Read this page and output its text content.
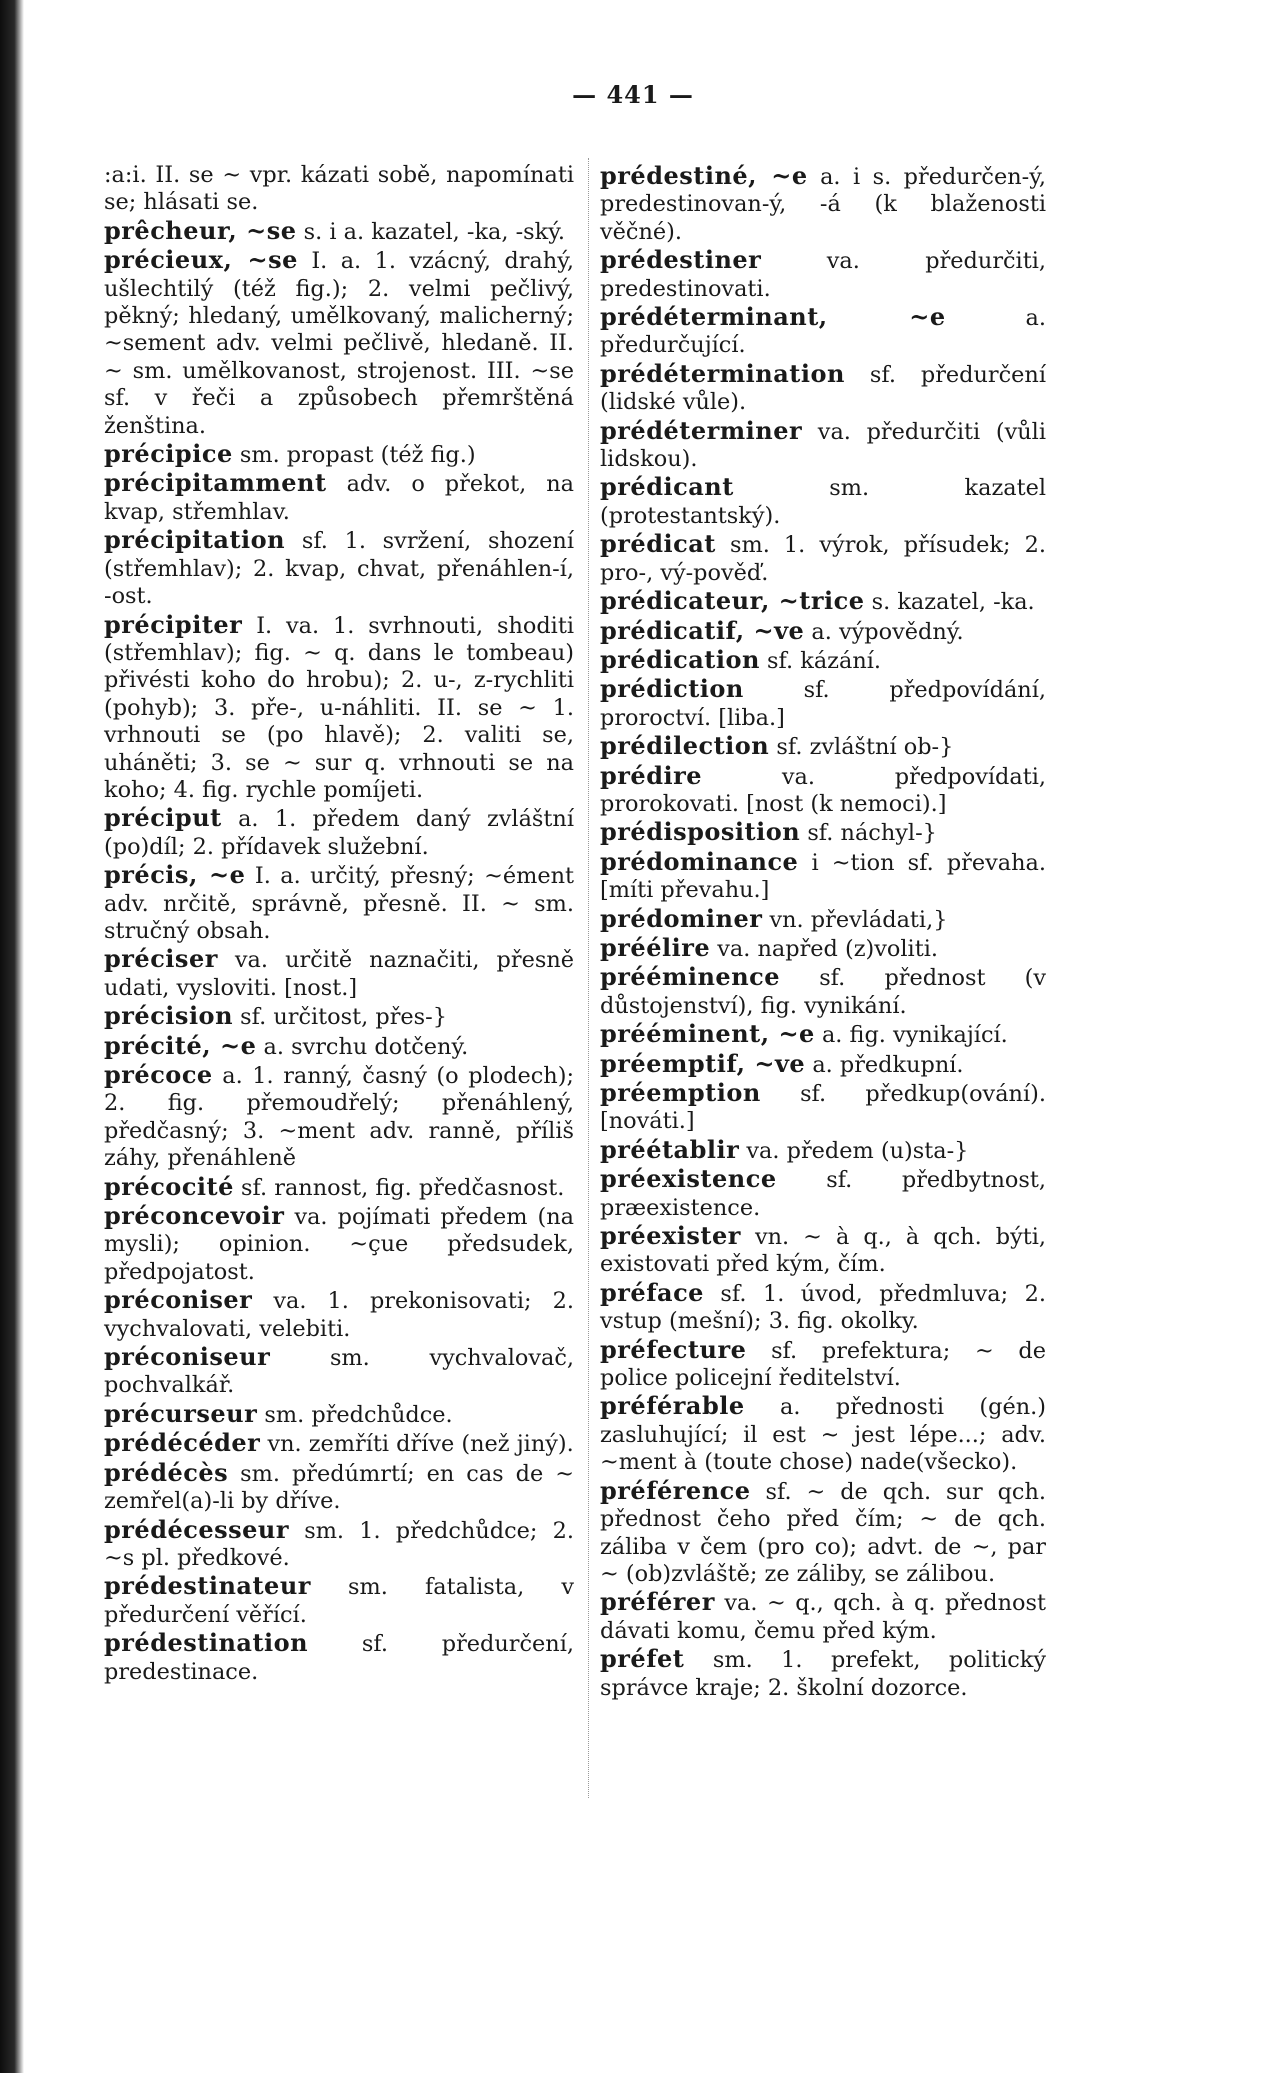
— 441 —

:a:i. II. se ~ vpr. kázati sobě, napomínati se; hlásati se.

prêcheur, ~se s. i a. kazatel, -ka, -ský.

précieux, ~se I. a. 1. vzácný, drahý, ušlechtilý (též fig.); 2. velmi pečlivý, pěkný; hledaný, umělkovaný, malicherný; ~sement adv. velmi pečlivě, hledaně. II. ~ sm. umělkovanost, strojenost. III. ~se sf. v řeči a způsobech přemrštěná ženština.

précipice sm. propast (též fig.)

précipitamment adv. o překot, na kvap, střemhlav.

précipitation sf. 1. svržení, shození (střemhlav); 2. kvap, chvat, přenáhlen-í, -ost.

précipiter I. va. 1. svrhnouti, shoditi (střemhlav); fig. ~ q. dans le tombeau) přivésti koho do hrobu); 2. u-, z-rychliti (pohyb); 3. pře-, u-náhliti. II. se ~ 1. vrhnouti se (po hlavě); 2. valiti se, uháněti; 3. se ~ sur q. vrhnouti se na koho; 4. fig. rychle pomíjeti.

préciput a. 1. předem daný zvláštní (po)díl; 2. přídavek služební.

précis, ~e I. a. určitý, přesný; ~ément adv. nrčitě, správně, přesně. II. ~ sm. stručný obsah.

préciser va. určitě naznačiti, přesně udati, vysloviti. [nost.]

précision sf. určitost, přes-}

précité, ~e a. svrchu dotčený.

précoce a. 1. ranný, časný (o plodech); 2. fig. přemoudřelý; přenáhlený, předčasný; 3. ~ment adv. ranně, příliš záhy, přenáhleně

précocité sf. rannost, fig. předčasnost.

préconcevoir va. pojímati předem (na mysli); opinion. ~çue předsudek, předpojatost.

préconiser va. 1. prekonisovati; 2. vychvalovati, velebiti.

préconiseur	sm. vychvalovač, pochvalkář.

précurseur sm. předchůdce.

prédécéder vn. zemříti dříve (než jiný).

prédécès sm. předúmrtí; en cas de ~ zemřel(a)-li by dříve.

prédécesseur sm. 1. předchůdce; 2. ~s pl. předkové.

prédestinateur sm. fatalista, v předurčení věřící.

prédestination sf. předurčení, predestinace.

prédestiné, ~e a. i s. předurčen-ý, predestinovan-ý, -á (k blaženosti věčné).

prédestiner	va. předurčiti, predestinovati.

prédéterminant, ~e	a. předurčující.

prédétermination sf. předurčení (lidské vůle).

prédéterminer va. předurčiti (vůli lidskou).

prédicant	sm. kazatel (protestantský).

prédicat sm. 1. výrok, přísudek; 2. pro-, vý-pověď.

prédicateur, ~trice s. kazatel, -ka.

prédicatif, ~ve a. výpovědný.

prédication sf. kázání.

prédiction	sf. předpovídání, proroctví. [liba.]

prédilection sf. zvláštní ob-}

prédire	va. předpovídati, prorokovati. [nost (k nemoci).]

prédisposition sf. náchyl-}

prédominance i ~tion sf. převaha. [míti převahu.]

prédominer vn. převládati,}

préélire va. napřed (z)voliti.

prééminence sf. přednost (v důstojenství), fig. vynikání.

prééminent, ~e a. fig. vynikající.

préemptif, ~ve a. předkupní.

préemption sf. předkup(ování). [nováti.]

préétablir va. předem (u)sta-}

préexistence sf. předbytnost, præexistence.

préexister vn. ~ à q., à qch. býti, existovati před kým, čím.

préface sf. 1. úvod, předmluva; 2. vstup (mešní); 3. fig. okolky.

préfecture sf. prefektura; ~ de police policejní ředitelství.

préférable a. přednosti (gén.) zasluhující; il est ~ jest lépe...; adv. ~ment à (toute chose) nade(všecko).

préférence sf. ~ de qch. sur qch. přednost čeho před čím; ~ de qch. záliba v čem (pro co); advt. de ~, par ~ (ob)zvláště; ze záliby, se zálibou.

préférer va. ~ q., qch. à q. přednost dávati komu, čemu před kým.

préfet sm. 1. prefekt, politický správce kraje; 2. školní dozorce.
